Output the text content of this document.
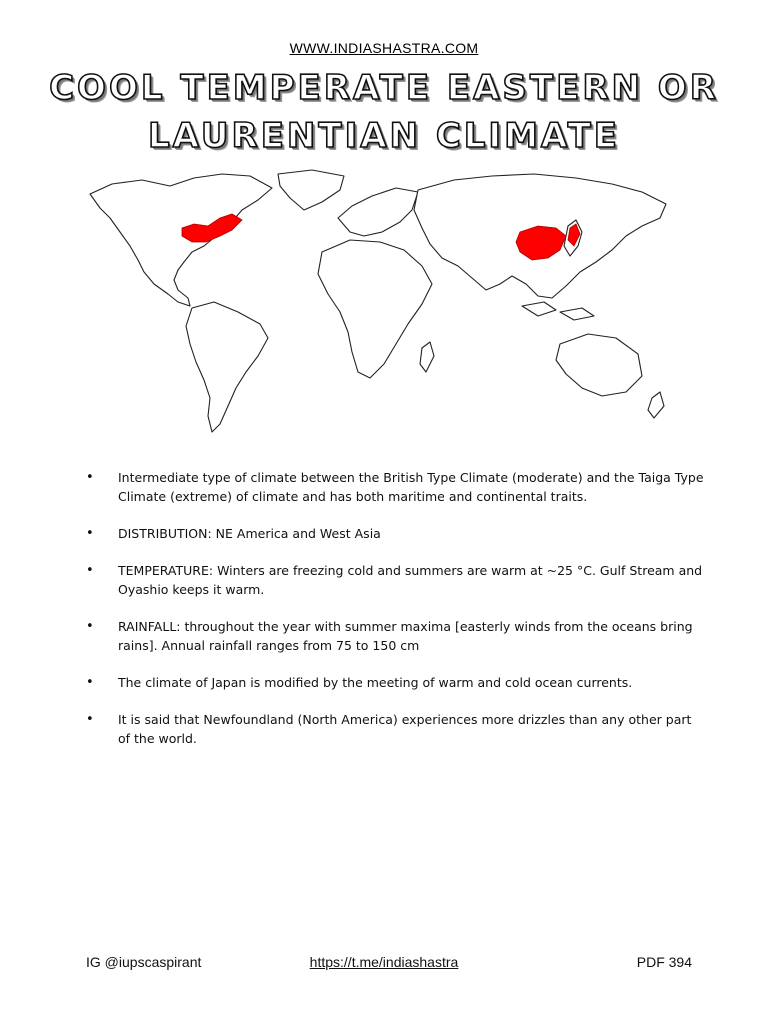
WWW.INDIASHASTRA.COM
COOL TEMPERATE EASTERN OR
LAURENTIAN CLIMATE
• Intermediate type of climate between the British Type Climate (moderate) and the Taiga Type Climate (extreme) of climate and has both maritime and continental traits.
• DISTRIBUTION: NE America and West Asia
• TEMPERATURE: Winters are freezing cold and summers are warm at ~25 °C. Gulf Stream and Oyashio keeps it warm.
• RAINFALL: throughout the year with summer maxima [easterly winds from the oceans bring rains]. Annual rainfall ranges from 75 to 150 cm
• The climate of Japan is modified by the meeting of warm and cold ocean currents.
• It is said that Newfoundland (North America) experiences more drizzles than any other part of the world.
IG @iupscaspirant	https://t.me/indiashastra	PDF 394
